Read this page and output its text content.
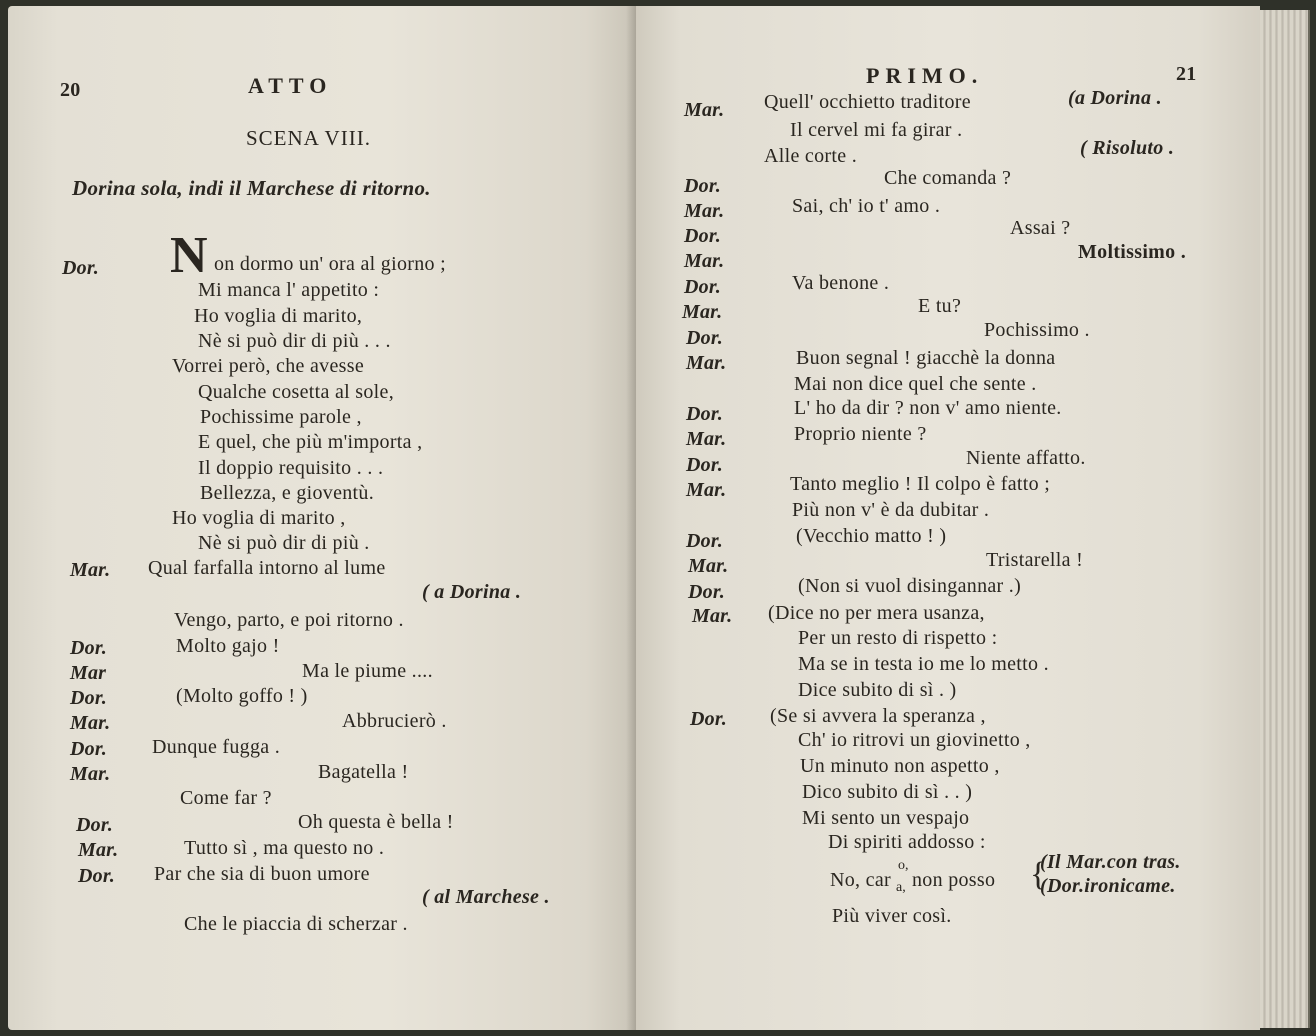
20	ATTO
SCENA VIII.
Dorina sola, indi il Marchese di ritorno.
Dor. N on dormo un' ora al giorno ;
Mi manca l' appetito :
Ho voglia di marito,
Nè si può dir di più . . .
Vorrei però, che avesse
Qualche cosetta al sole,
Pochissime parole ,
E quel, che più m'importa ,
Il doppio requisito . . .
Bellezza, e gioventù.
Ho voglia di marito ,
Nè si può dir di più .
Mar. Qual farfalla intorno al lume
( a Dorina .
Vengo, parto, e poi ritorno .
Dor.	Molto gajo !
Mar	Ma le piume ....
Dor.	(Molto goffo ! )
Mar.	Abbrucierò .
Dor. Dunque fugga .
Mar.	Bagatella !
Come far ?
Dor.	Oh questa è bella !
Mar.	Tutto sì , ma questo no .
Dor. Par che sia di buon umore
( al Marchese .
Che le piaccia di scherzar .
PRIMO.	21
Mar. Quell' occhietto traditore	(a Dorina .
Il cervel mi fa girar .
Alle corte .	( Risoluto .
Dor.	Che comanda ?
Mar.	Sai, ch' io t' amo .
Dor.	Assai ?
Mar.	Moltissimo .
Dor.	Va benone .
Mar.	E tu?
Dor.	Pochissimo .
Mar.	Buon segnal ! giacchè la donna
Mai non dice quel che sente .
Dor.	L' ho da dir ? non v' amo niente.
Mar.	Proprio niente ?
Dor.	Niente affatto.
Mar.	Tanto meglio ! Il colpo è fatto ;
Più non v' è da dubitar .
Dor.	(Vecchio matto ! )
Mar.	Tristarella !
Dor.	(Non si vuol disingannar .)
Mar. (Dice no per mera usanza,
Per un resto di rispetto :
Ma se in testa io me lo metto .
Dice subito di sì . )
Dor. (Se si avvera la speranza ,
Ch' io ritrovi un giovinetto ,
Un minuto non aspetto ,
Dico subito di sì . . )
Mi sento un vespajo
Di spiriti addosso :
No, car
o,
a, non posso {
(Il Mar.con tras.
(Dor.ironicame.
Più viver così.
